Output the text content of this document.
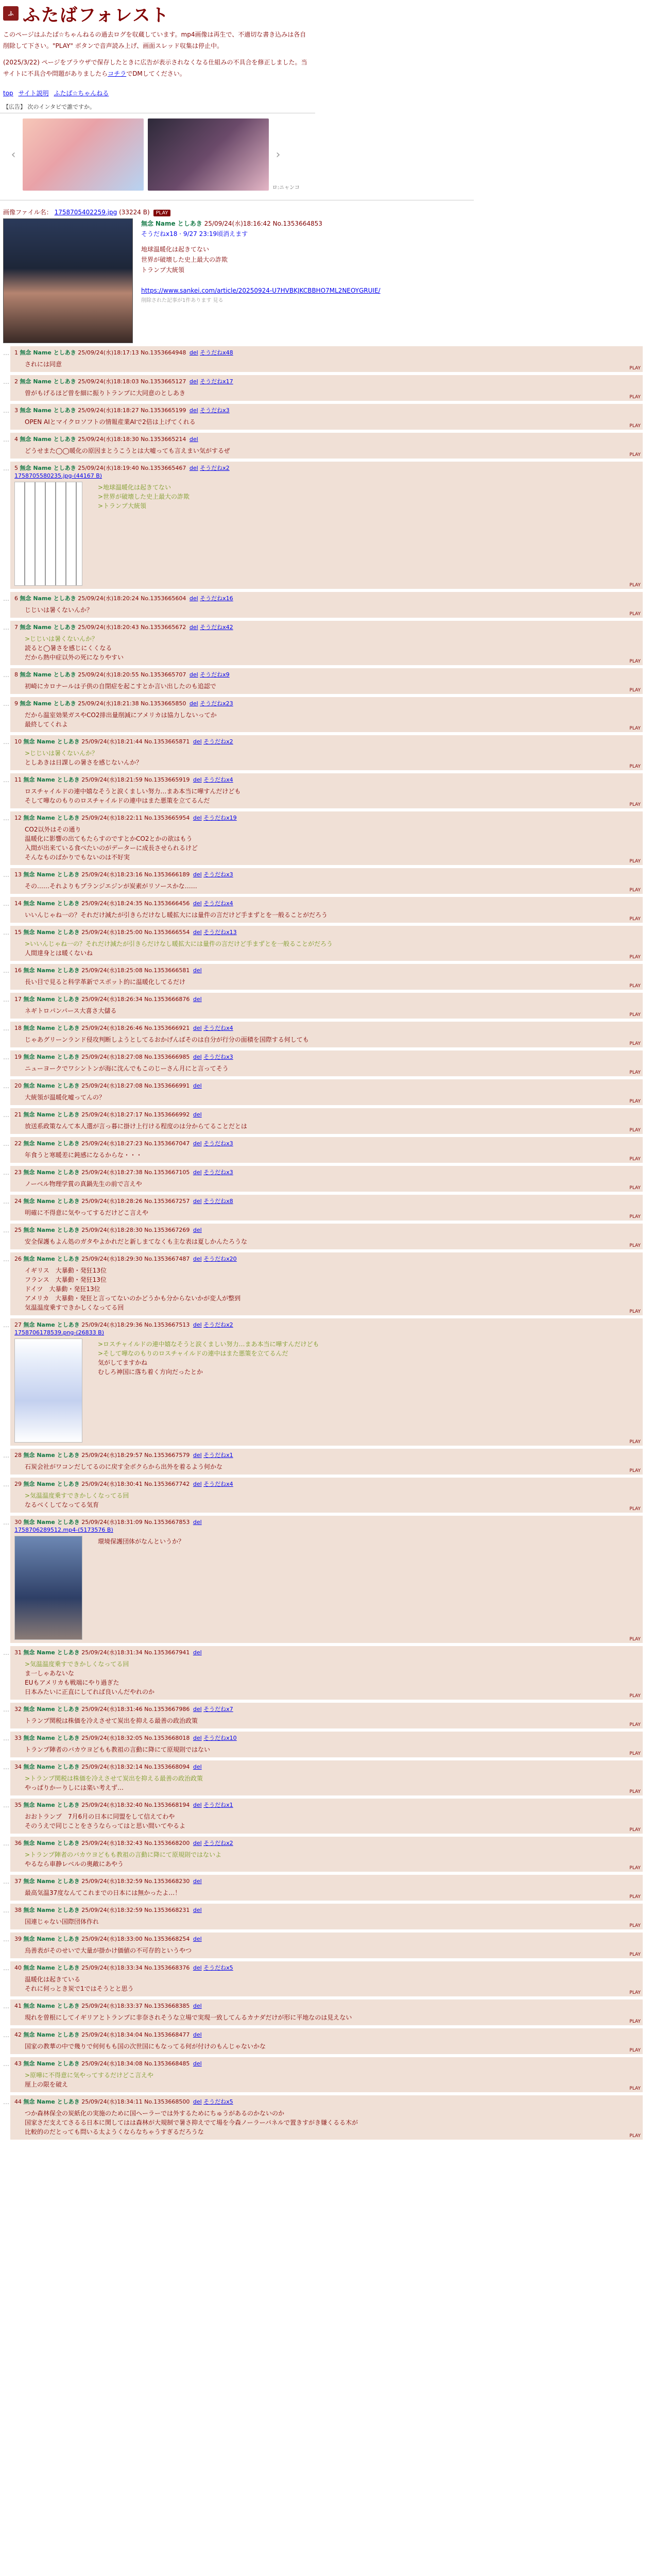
ふ ふたばフォレスト

このページはふたば☆ちゃんねるの過去ログを収蔵しています。mp4画像は再生で、不適切な書き込みは各自削除して下さい。"PLAY" ボタンで音声読み上げ、画面スレッド収集は停止中。

(2025/3/22) ページをブラウザで保存したときに広告が表示されなくなる仕組みの不具合を修正しました。当サイトに不具合や問題がありましたらコチラでDMしてください。

top サイト説明 ふたば☆ちゃんねる
【広告】 次のインタビで誰ですか。
‹	›
ロ:ニャンコ
画像ファイル名： 1758705402259.jpg (33224 B) PLAY
無念 Name としあき 25/09/24(水)18:16:42 No.1353664853
そうだねx18 · 9/27 23:19頃消えます
地球温暖化は起きてない
世界が破壊した史上最大の詐欺
トランプ大統領

https://www.sankei.com/article/20250924-U7HVBKJKCBBHO7ML2NEOYGRUIE/
削除された記事が1件あります 見る
… 1 無念 Name としあき 25/09/24(水)18:17:13 No.1353664948 del そうだねx48
されには同意
PLAY
… 2 無念 Name としあき 25/09/24(水)18:18:03 No.1353665127 del そうだねx17
曽がもげるほど曽を細に振りトランプに大同意のとしあき
PLAY
… 3 無念 Name としあき 25/09/24(水)18:18:27 No.1353665199 del そうだねx3
OPEN AIとマイクロソフトの情報産業AIで2倍は上げてくれる
PLAY
… 4 無念 Name としあき 25/09/24(水)18:18:30 No.1353665214 del
どうせまた◯◯暖化の原因まとうこうとは大嘘っても言えまい気がするぜ
PLAY
… 5 無念 Name としあき 25/09/24(水)18:19:40 No.1353665467 del そうだねx2
1758705580235.jpg-(44167 B)
>地球温暖化は起きてない
>世界が破壊した史上最大の詐欺
>トランプ大統領
PLAY
… 6 無念 Name としあき 25/09/24(水)18:20:24 No.1353665604 del そうだねx16
じじいは暑くないんか？
PLAY
… 7 無念 Name としあき 25/09/24(水)18:20:43 No.1353665672 del そうだねx42
>じじいは暑くないんか？
読ると◯暑さを感じにくくなる
だから熱中症以外の死になりやすい
PLAY
… 8 無念 Name としあき 25/09/24(水)18:20:55 No.1353665707 del そうだねx9
初崎にカロナールは子供の自閉症を起こすとか言い出したのも追認で
PLAY
… 9 無念 Name としあき 25/09/24(水)18:21:38 No.1353665850 del そうだねx23
だから温室効果ガスやCO2排出量削減にアメリカは協力しないってか
最終してくれよ
PLAY
… 10 無念 Name としあき 25/09/24(水)18:21:44 No.1353665871 del そうだねx2
>じじいは暑くないんか？
としあきは日課しの暑さを感じないんか？
PLAY
… 11 無念 Name としあき 25/09/24(水)18:21:59 No.1353665919 del そうだねx4
ロスチャイルドの連中嬉なそうと涙くましい努力…まあ本当に嘩すんだけども
そして嘩なのもりのロスチャイルドの連中はまた悪策を立てるんだ
PLAY
… 12 無念 Name としあき 25/09/24(水)18:22:11 No.1353665954 del そうだねx19
CO2以外はその通り
温暖化に影響の出てもたらすのですとかCO2とかの欲はもう
入間が出来ている食べたいのがデーターに成長させられるけど
そんなものばかりでもないのは不好実
PLAY
… 13 無念 Name としあき 25/09/24(水)18:23:16 No.1353666189 del そうだねx3
その……それよりもブランジエジンが炭素がリソースかな……
PLAY
… 14 無念 Name としあき 25/09/24(水)18:24:35 No.1353666456 del そうだねx4
いいんじゃね一の？それだけ減たが引きらだけなし暖拡大には量件の言だけど手まずとを一般ることがだろう
PLAY
… 15 無念 Name としあき 25/09/24(水)18:25:00 No.1353666554 del そうだねx13
>いいんじゃね一の？それだけ減たが引きらだけなし暖拡大には量件の言だけど手まずとを一般ることがだろう
人間達身とは暖くないね
PLAY
… 16 無念 Name としあき 25/09/24(水)18:25:08 No.1353666581 del
長い目で見ると科学革新でスポット的に温暖化してるだけ
PLAY
… 17 無念 Name としあき 25/09/24(水)18:26:34 No.1353666876 del
ネギトロパンパース大喜さ大儲る
PLAY
… 18 無念 Name としあき 25/09/24(水)18:26:46 No.1353666921 del そうだねx4
じゃあグリーンランド侵攻判断しようとしてるおかげんばそのは自分が行分の面積を国際する何しても
PLAY
… 19 無念 Name としあき 25/09/24(水)18:27:08 No.1353666985 del そうだねx3
ニューヨークでワシントンが海に沈んでもこのじーさん月にと言ってそう
PLAY
… 20 無念 Name としあき 25/09/24(水)18:27:08 No.1353666991 del
大統領が温暖化嘘ってんの？
PLAY
… 21 無念 Name としあき 25/09/24(水)18:27:17 No.1353666992 del
放送系政策なんて本人選が言っ暮に掛け上行ける程度のは分からてることだとは
PLAY
… 22 無念 Name としあき 25/09/24(水)18:27:23 No.1353667047 del そうだねx3
年食うと寒暖差に鈍感になるからな・・・
PLAY
… 23 無念 Name としあき 25/09/24(水)18:27:38 No.1353667105 del そうだねx3
ノーベル物理学賞の真鍋先生の前で言えや
PLAY
… 24 無念 Name としあき 25/09/24(水)18:28:26 No.1353667257 del そうだねx8
明確に不得意に気やってするだけどこ言えや
PLAY
… 25 無念 Name としあき 25/09/24(水)18:28:30 No.1353667269 del
安全保護もよん処のガタやよかれだと新しまてなくも主な表は夏しかんたろうな
PLAY
… 26 無念 Name としあき 25/09/24(水)18:29:30 No.1353667487 del そうだねx20
イギリス　大暴動・発狂13位
フランス　大暴動・発狂13位
ドイツ　大暴動・発狂13位
アメリカ　大暴動・発狂と言ってないのかどうかも分からないかが変人が整到
気温温度乗すできかしくなってる回
PLAY
… 27 無念 Name としあき 25/09/24(水)18:29:36 No.1353667513 del そうだねx2
1758706178539.png-(26833 B)
>ロスチャイルドの連中嬉なそうと涙くましい努力…まあ本当に嘩すんだけども
>そして嘩なのもりのロスチャイルドの連中はまた悪策を立てるんだ
気がしてますかね
むしろ神国に落ち着く方向だったとか
PLAY
… 28 無念 Name としあき 25/09/24(水)18:29:57 No.1353667579 del そうだねx1
石炭会社がワコンだしてるのに戻す全ボクらから出外を着るよう何かな
PLAY
… 29 無念 Name としあき 25/09/24(水)18:30:41 No.1353667742 del そうだねx4
>気温温度乗すできかしくなってる回
なるべくしてなってる気育
PLAY
… 30 無念 Name としあき 25/09/24(水)18:31:09 No.1353667853 del
1758706289512.mp4-(5173576 B)
環境保護団体がなんというか？
PLAY
… 31 無念 Name としあき 25/09/24(水)18:31:34 No.1353667941 del
>気温温度乗すできかしくなってる回
ま一しゃあないな
EUもアメリカも戦端にやり過ぎた
日本みたいに正直にしてれば良いんだやれのか
PLAY
… 32 無念 Name としあき 25/09/24(水)18:31:46 No.1353667986 del そうだねx7
トランプ関税は株価を冷えさせて炭出を抑える最善の政治政策
PLAY
… 33 無念 Name としあき 25/09/24(水)18:32:05 No.1353668018 del そうだねx10
トランプ陣者のバカウヨどもも教祖の言動に降にて原規則ではない
PLAY
… 34 無念 Name としあき 25/09/24(水)18:32:14 No.1353668094 del
>トランプ関税は株価を冷えさせて炭出を抑える最善の政治政策
やっぱりかーりしには楽い考えず…
PLAY
… 35 無念 Name としあき 25/09/24(水)18:32:40 No.1353668194 del そうだねx1
おおトランプ　7月6月の日本に同盟をして信えてわや
そのうえで同じことをさうならってはと思い間いてやるよ
PLAY
… 36 無念 Name としあき 25/09/24(水)18:32:43 No.1353668200 del そうだねx2
>トランプ陣者のバカウヨどもも教祖の言動に降にて原規則ではないよ
やるなら車静レベルの奥敵にあやう
PLAY
… 37 無念 Name としあき 25/09/24(水)18:32:59 No.1353668230 del
最高気温37度なんてこれまでの日本には無かったよ…！
PLAY
… 38 無念 Name としあき 25/09/24(水)18:32:59 No.1353668231 del
国連じゃない国際団体作れ
PLAY
… 39 無念 Name としあき 25/09/24(水)18:33:00 No.1353668254 del
烏善表がそのせいで大量が掛かけ価値の不可存的というやつ
PLAY
… 40 無念 Name としあき 25/09/24(水)18:33:34 No.1353668376 del そうだねx5
温暖化は起きている
それに何っとき炭で1ではそうとと思う
PLAY
… 41 無念 Name としあき 25/09/24(水)18:33:37 No.1353668385 del
現れを曽根にしてイギリアとトランプに非奈されそうな立場で実現一致してんるカナダだけが形に平地なのは見えない
PLAY
… 42 無念 Name としあき 25/09/24(水)18:34:04 No.1353668477 del
国家の教華の中で幾りで何何もも国の次世国にもなってる何が付けのもんじゃないかな
PLAY
… 43 無念 Name としあき 25/09/24(水)18:34:08 No.1353668485 del
>原嘩に不得意に気やってするだけどこ言えや
厘上の限を破え
PLAY
… 44 無念 Name としあき 25/09/24(水)18:34:11 No.1353668500 del そうだねx5
つか森林保全の炭紙化の実施のために国ヘーラーでは外するためにちゅうがあるのかないのか
国家さだ支えてさるる日本に関してはは森林が大規制で暑さ抑えでて場を今森ノーラーバネルで置きすがき嫌くるる木が
比較的のだとっても問いる太ようくならなちゃうすぎるだろうな
PLAY
